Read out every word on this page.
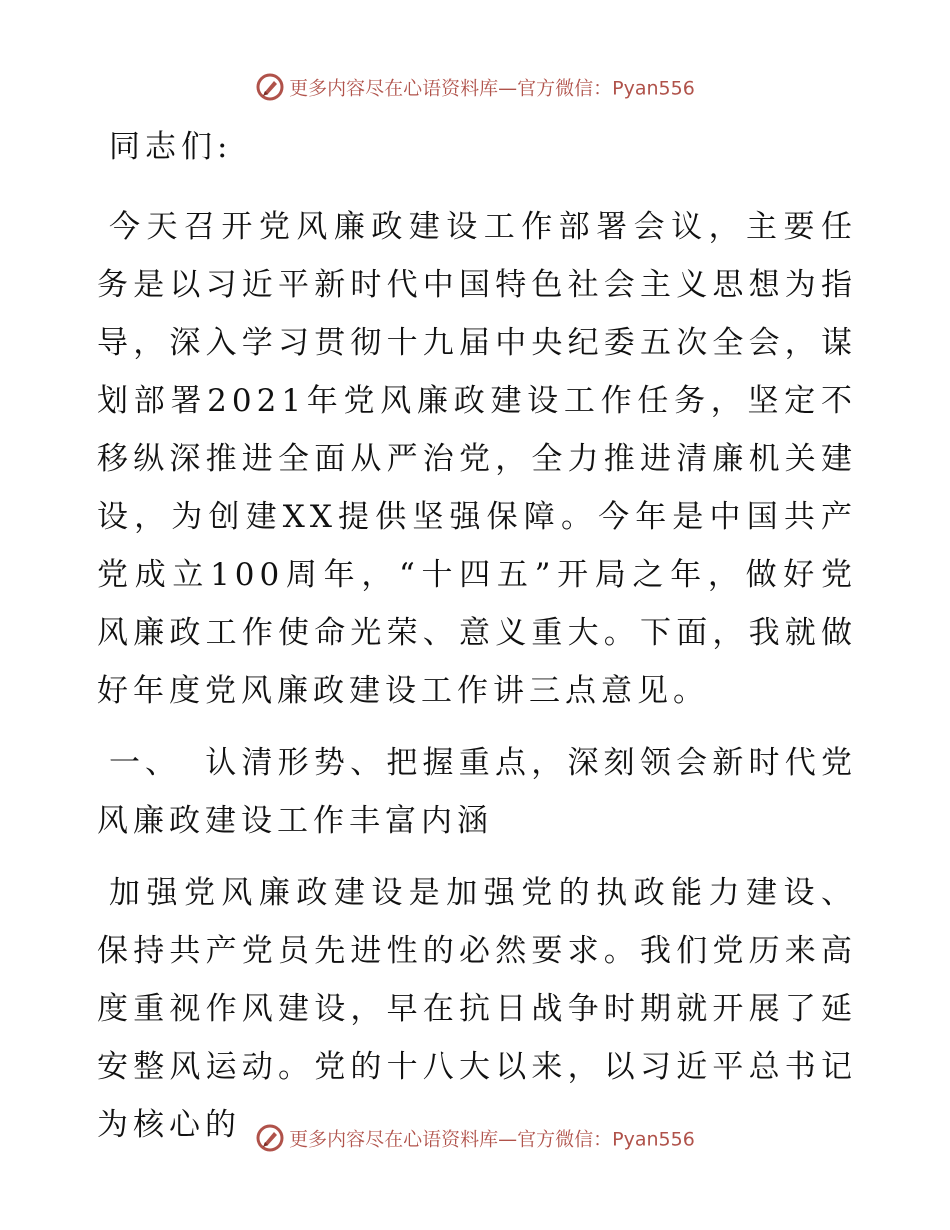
更多内容尽在心语资料库—官方微信：Pyan556

同志们:

今天召开党风廉政建设工作部署会议，主要任务是以习近平新时代中国特色社会主义思想为指导，深入学习贯彻十九届中央纪委五次全会，谋划部署2021年党风廉政建设工作任务，坚定不移纵深推进全面从严治党，全力推进清廉机关建设，为创建XX提供坚强保障。今年是中国共产党成立100周年，“十四五”开局之年，做好党风廉政工作使命光荣、意义重大。下面，我就做好年度党风廉政建设工作讲三点意见。

一、 认清形势、把握重点，深刻领会新时代党风廉政建设工作丰富内涵

加强党风廉政建设是加强党的执政能力建设、保持共产党员先进性的必然要求。我们党历来高度重视作风建设，早在抗日战争时期就开展了延安整风运动。党的十八大以来，以习近平总书记为核心的	更多内容尽在心语资料库—官方微信：Pyan556
